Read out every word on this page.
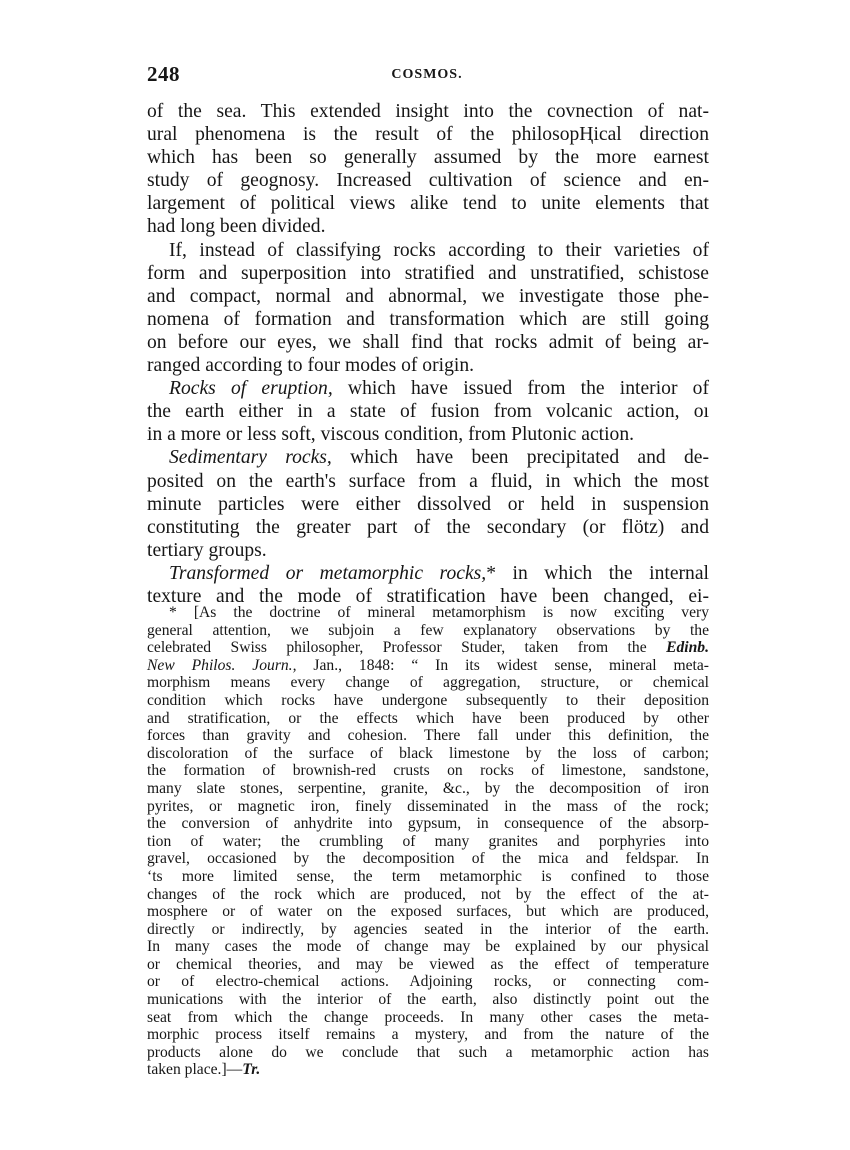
248	COSMOS.
of the sea. This extended insight into the coᴠnection of nat-
ural phenomena is the result of the philosopⱧical direction
which has been so generally assumed by the more earnest
study of geognosy. Increased cultivation of science and en-
largement of political views alike tend to unite elements that
had long been divided.
If, instead of classifying rocks according to their varieties of
form and superposition into stratified and unstratified, schistose
and compact, normal and abnormal, we investigate those phe-
nomena of formation and transformation which are still going
on before our eyes, we shall find that rocks admit of being ar-
ranged according to four modes of origin.
Rocks of eruption, which have issued from the interior of
the earth either in a state of fusion from volcanic action, oı
in a more or less soft, viscous condition, from Plutonic action.
Sedimentary rocks, which have been precipitated and de-
posited on the earth's surface from a fluid, in which the most
minute particles were either dissolved or held in suspension
constituting the greater part of the secondary (or flötz) and
tertiary groups.
Transformed or metamorphic rocks,* in which the internal
texture and the mode of stratification have been changed, ei-
* [As the doctrine of mineral metamorphism is now exciting very
general attention, we subjoin a few explanatory observations by the
celebrated Swiss philosopher, Professor Studer, taken from the Edinb.
New Philos. Journ., Jan., 1848: “ In its widest sense, mineral meta-
morphism means every change of aggregation, structure, or chemical
condition which rocks have undergone subsequently to their deposition
and stratification, or the effects which have been produced by other
forces than gravity and cohesion. There fall under this definition, the
discoloration of the surface of black limestone by the loss of carbon;
the formation of brownish-red crusts on rocks of limestone, sandstone,
many slate stones, serpentine, granite, &c., by the decomposition of iron
pyrites, or magnetic iron, finely disseminated in the mass of the rock;
the conversion of anhydrite into gypsum, in consequence of the absorp-
tion of water; the crumbling of many granites and porphyries into
gravel, occasioned by the decomposition of the mica and feldspar. In
‘ts more limited sense, the term metamorphic is confined to those
changes of the rock which are produced, not by the effect of the at-
mosphere or of water on the exposed surfaces, but which are produced,
directly or indirectly, by agencies seated in the interior of the earth.
In many cases the mode of change may be explained by our physical
or chemical theories, and may be viewed as the effect of temperature
or of electro-chemical actions. Adjoining rocks, or connecting com-
munications with the interior of the earth, also distinctly point out the
seat from which the change proceeds. In many other cases the meta-
morphic process itself remains a mystery, and from the nature of the
products alone do we conclude that such a metamorphic action has
taken place.]—Tr.
